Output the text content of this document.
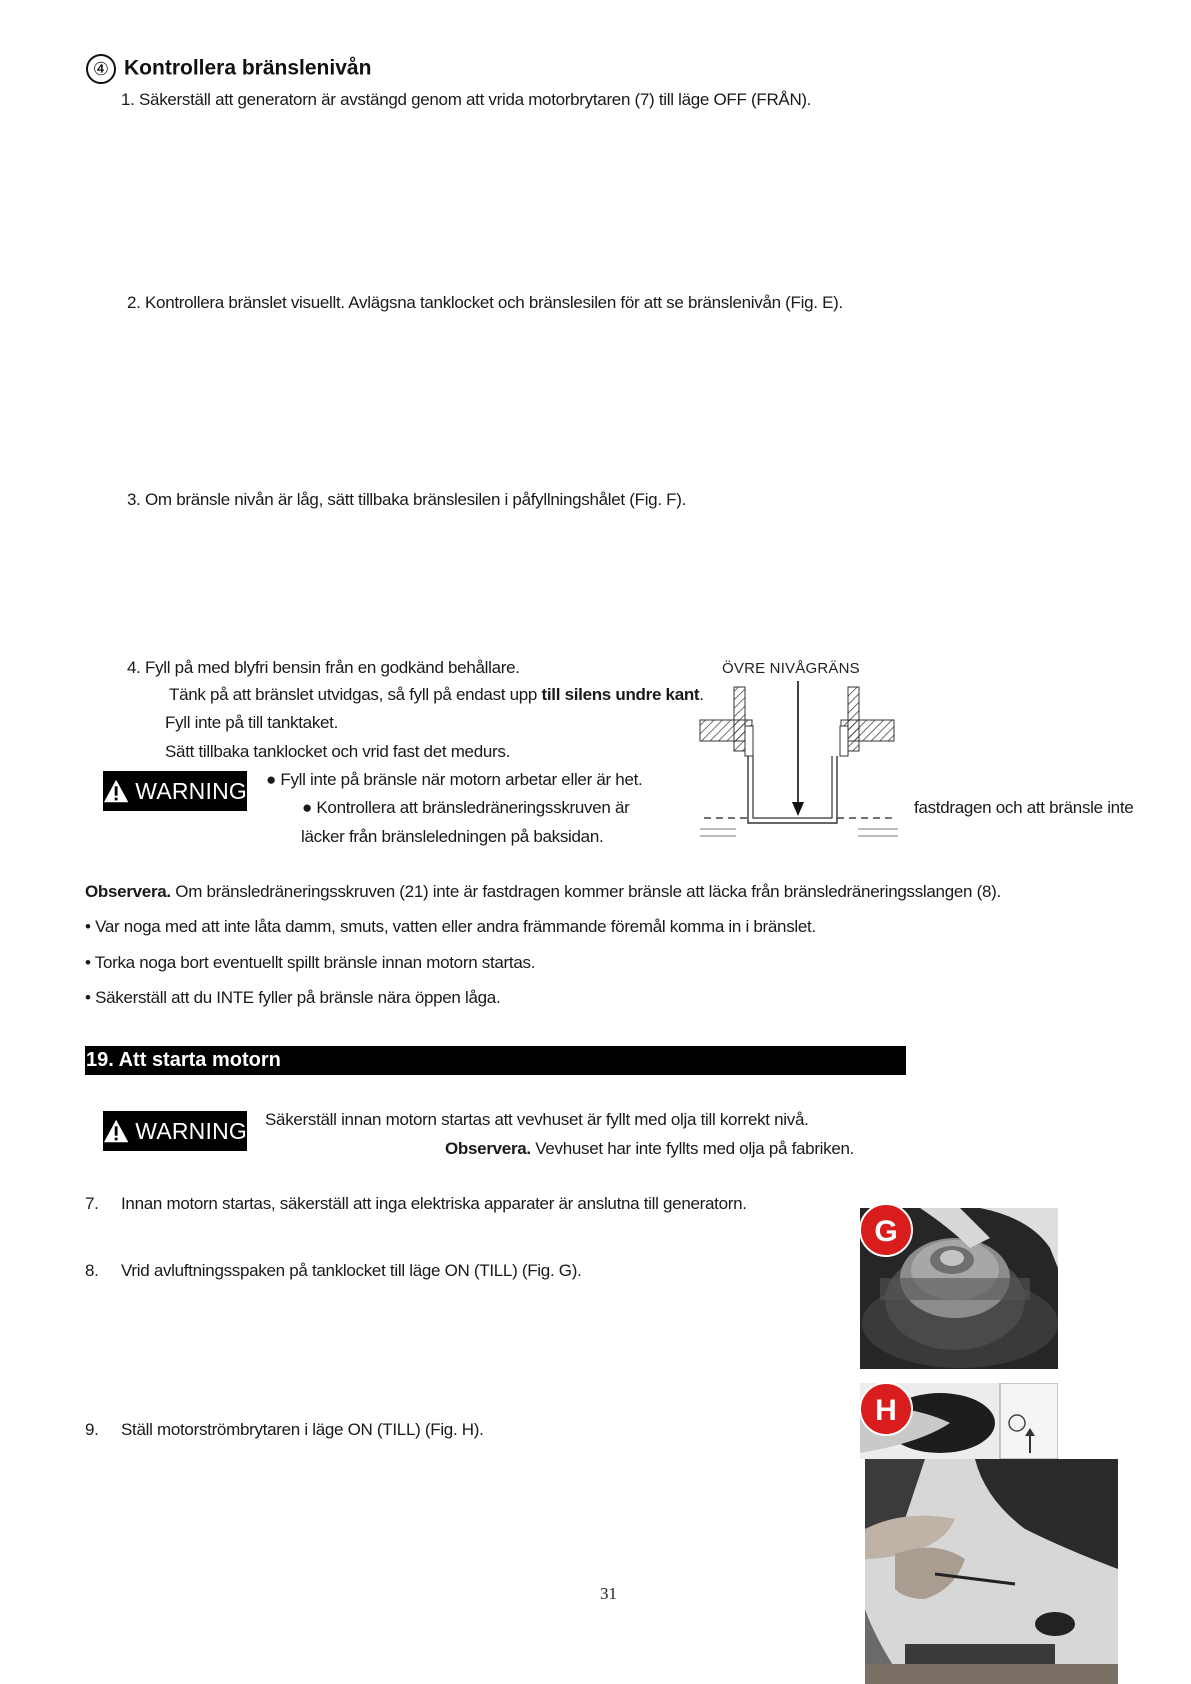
④ Kontrollera bränslenivån
1. Säkerställ att generatorn är avstängd genom att vrida motorbrytaren (7) till läge OFF (FRÅN).
2. Kontrollera bränslet visuellt. Avlägsna tanklocket och bränslesilen för att se bränslenivån (Fig. E).
3. Om bränsle nivån är låg, sätt tillbaka bränslesilen i påfyllningshålet (Fig. F).
4. Fyll på med blyfri bensin från en godkänd behållare.
Tänk på att bränslet utvidgas, så fyll på endast upp till silens undre kant.
Fyll inte på till tanktaket.
Sätt tillbaka tanklocket och vrid fast det medurs.
WARNING ● Fyll inte på bränsle när motorn arbetar eller är het.
● Kontrollera att bränsledräneringsskruven är	fastdragen och att bränsle inte
läcker från bränsleledningen på baksidan.
ÖVRE NIVÅGRÄNS
Observera. Om bränsledräneringsskruven (21) inte är fastdragen kommer bränsle att läcka från bränsledräneringsslangen (8).
• Var noga med att inte låta damm, smuts, vatten eller andra främmande föremål komma in i bränslet.
• Torka noga bort eventuellt spillt bränsle innan motorn startas.
• Säkerställ att du INTE fyller på bränsle nära öppen låga.
19. Att starta motorn
WARNING Säkerställ innan motorn startas att vevhuset är fyllt med olja till korrekt nivå.
Observera. Vevhuset har inte fyllts med olja på fabriken.
7. Innan motorn startas, säkerställ att inga elektriska apparater är anslutna till generatorn.
8. Vrid avluftningsspaken på tanklocket till läge ON (TILL) (Fig. G).
9. Ställ motorströmbrytaren i läge ON (TILL) (Fig. H).
G
H
31
